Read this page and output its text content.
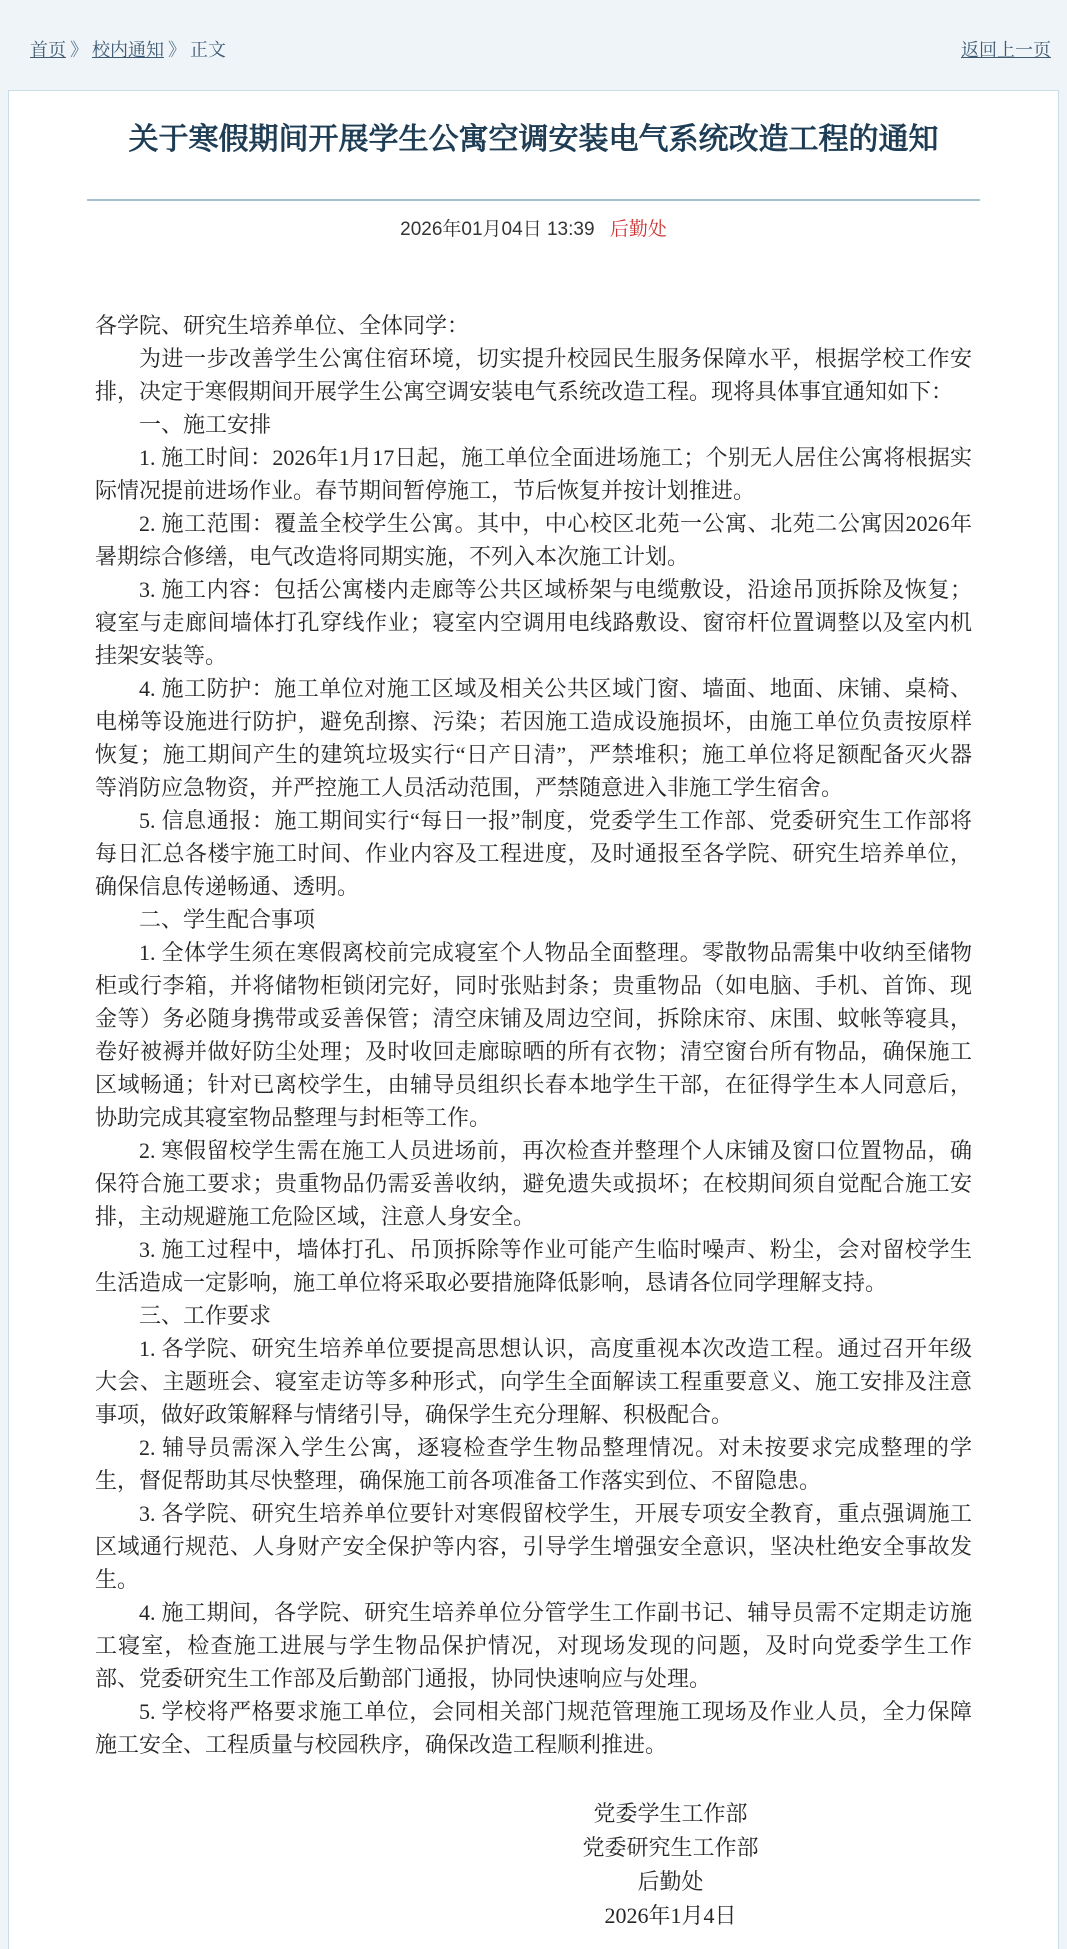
首页 》 校内通知 》 正文	返回上一页
关于寒假期间开展学生公寓空调安装电气系统改造工程的通知
2026年01月04日 13:39 后勤处

各学院、研究生培养单位、全体同学：

为进一步改善学生公寓住宿环境，切实提升校园民生服务保障水平，根据学校工作安排，决定于寒假期间开展学生公寓空调安装电气系统改造工程。现将具体事宜通知如下：

一、施工安排

1. 施工时间：2026年1月17日起，施工单位全面进场施工；个别无人居住公寓将根据实际情况提前进场作业。春节期间暂停施工，节后恢复并按计划推进。

2. 施工范围：覆盖全校学生公寓。其中，中心校区北苑一公寓、北苑二公寓因2026年暑期综合修缮，电气改造将同期实施，不列入本次施工计划。

3. 施工内容：包括公寓楼内走廊等公共区域桥架与电缆敷设，沿途吊顶拆除及恢复；寝室与走廊间墙体打孔穿线作业；寝室内空调用电线路敷设、窗帘杆位置调整以及室内机挂架安装等。

4. 施工防护：施工单位对施工区域及相关公共区域门窗、墙面、地面、床铺、桌椅、电梯等设施进行防护，避免刮擦、污染；若因施工造成设施损坏，由施工单位负责按原样恢复；施工期间产生的建筑垃圾实行“日产日清”，严禁堆积；施工单位将足额配备灭火器等消防应急物资，并严控施工人员活动范围，严禁随意进入非施工学生宿舍。

5. 信息通报：施工期间实行“每日一报”制度，党委学生工作部、党委研究生工作部将每日汇总各楼宇施工时间、作业内容及工程进度，及时通报至各学院、研究生培养单位，确保信息传递畅通、透明。

二、学生配合事项

1. 全体学生须在寒假离校前完成寝室个人物品全面整理。零散物品需集中收纳至储物柜或行李箱，并将储物柜锁闭完好，同时张贴封条；贵重物品（如电脑、手机、首饰、现金等）务必随身携带或妥善保管；清空床铺及周边空间，拆除床帘、床围、蚊帐等寝具，卷好被褥并做好防尘处理；及时收回走廊晾晒的所有衣物；清空窗台所有物品，确保施工区域畅通；针对已离校学生，由辅导员组织长春本地学生干部，在征得学生本人同意后，协助完成其寝室物品整理与封柜等工作。

2. 寒假留校学生需在施工人员进场前，再次检查并整理个人床铺及窗口位置物品，确保符合施工要求；贵重物品仍需妥善收纳，避免遗失或损坏；在校期间须自觉配合施工安排，主动规避施工危险区域，注意人身安全。

3. 施工过程中，墙体打孔、吊顶拆除等作业可能产生临时噪声、粉尘，会对留校学生生活造成一定影响，施工单位将采取必要措施降低影响，恳请各位同学理解支持。

三、工作要求

1. 各学院、研究生培养单位要提高思想认识，高度重视本次改造工程。通过召开年级大会、主题班会、寝室走访等多种形式，向学生全面解读工程重要意义、施工安排及注意事项，做好政策解释与情绪引导，确保学生充分理解、积极配合。

2. 辅导员需深入学生公寓，逐寝检查学生物品整理情况。对未按要求完成整理的学生，督促帮助其尽快整理，确保施工前各项准备工作落实到位、不留隐患。

3. 各学院、研究生培养单位要针对寒假留校学生，开展专项安全教育，重点强调施工区域通行规范、人身财产安全保护等内容，引导学生增强安全意识，坚决杜绝安全事故发生。

4. 施工期间，各学院、研究生培养单位分管学生工作副书记、辅导员需不定期走访施工寝室，检查施工进展与学生物品保护情况，对现场发现的问题，及时向党委学生工作部、党委研究生工作部及后勤部门通报，协同快速响应与处理。

5. 学校将严格要求施工单位，会同相关部门规范管理施工现场及作业人员，全力保障施工安全、工程质量与校园秩序，确保改造工程顺利推进。

党委学生工作部
党委研究生工作部
后勤处
2026年1月4日
